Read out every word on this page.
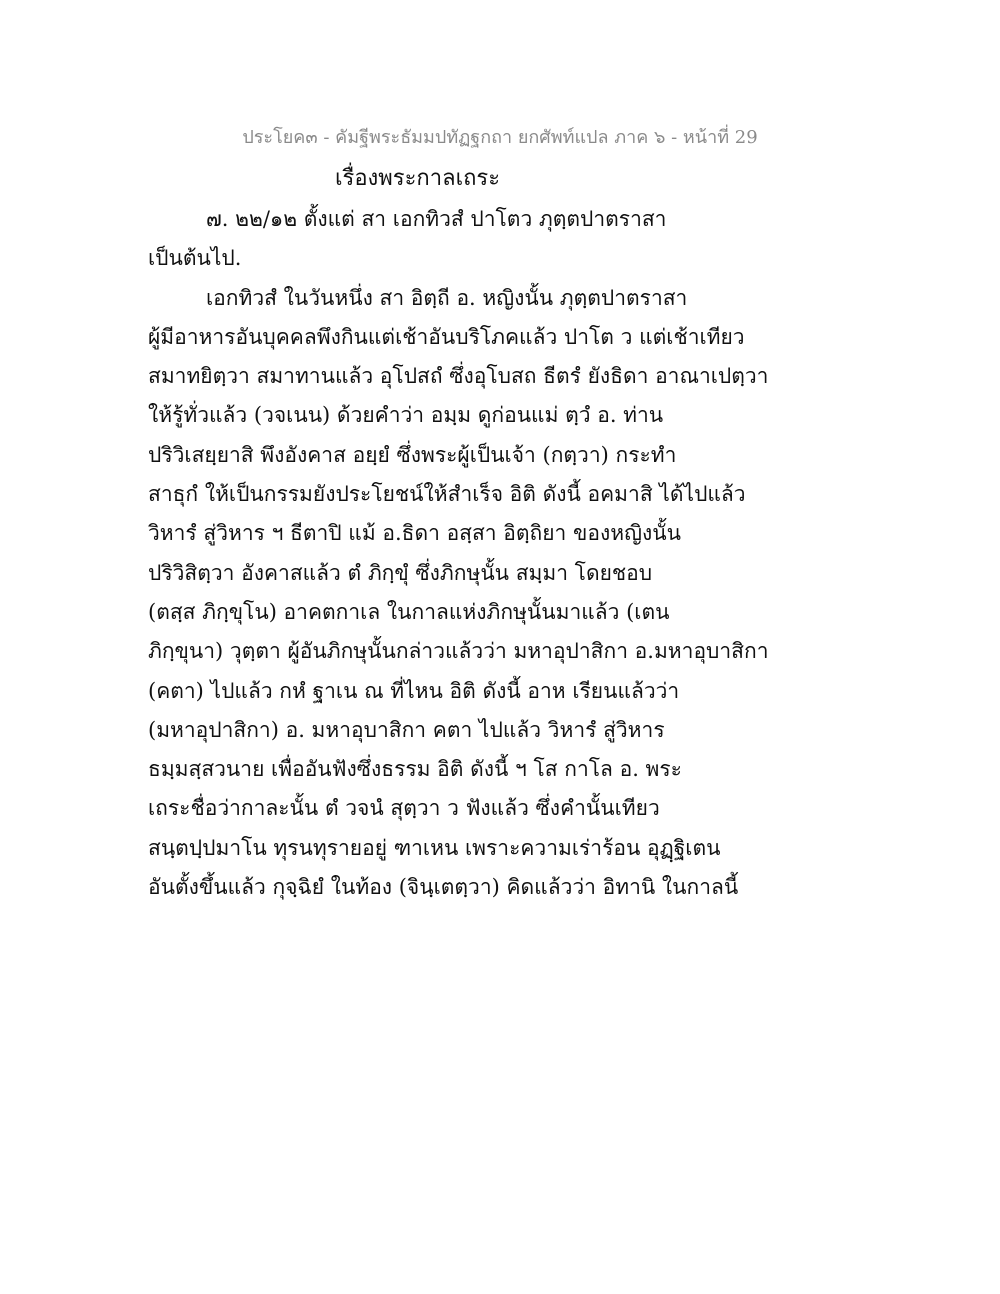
ประโยค๓ - คัมฐีพระธัมมปทัฏฐกถา ยกศัพท์แปล ภาค ๖ - หน้าที่ 29
เรื่องพระกาลเถระ
๗. ๒๒/๑๒ ตั้งแต่ สา เอกทิวสํ ปาโตว ภุตฺตปาตราสา
เป็นต้นไป.
เอกทิวสํ ในวันหนึ่ง สา อิตฺถี อ. หญิงนั้น ภุตฺตปาตราสา
ผู้มีอาหารอันบุคคลพึงกินแต่เช้าอันบริโภคแล้ว ปาโต ว แต่เช้าเทียว
สมาทยิตฺวา สมาทานแล้ว อุโปสถํ ซึ่งอุโบสถ ธีตรํ ยังธิดา อาณาเปตฺวา
ให้รู้ทั่วแล้ว (วจเนน) ด้วยคำว่า อมฺม ดูก่อนแม่ ตฺวํ อ. ท่าน
ปริวิเสยฺยาสิ พึงอังคาส อยฺยํ ซึ่งพระผู้เป็นเจ้า (กตฺวา) กระทำ
สาธุกํ ให้เป็นกรรมยังประโยชน์ให้สำเร็จ อิติ ดังนี้ อคมาสิ ได้ไปแล้ว
วิหารํ สู่วิหาร ฯ ธีตาปิ แม้ อ.ธิดา อสฺสา อิตฺถิยา ของหญิงนั้น
ปริวิสิตฺวา อังคาสแล้ว ตํ ภิกฺขุํ ซึ่งภิกษุนั้น สมฺมา โดยชอบ
(ตสฺส ภิกฺขุโน) อาคตกาเล ในกาลแห่งภิกษุนั้นมาแล้ว (เตน
ภิกฺขุนา) วุตฺตา ผู้อันภิกษุนั้นกล่าวแล้วว่า มหาอุปาสิกา อ.มหาอุบาสิกา
(คตา) ไปแล้ว กหํ ฐาเน ณ ที่ไหน อิติ ดังนี้ อาห เรียนแล้วว่า
(มหาอุปาสิกา) อ. มหาอุบาสิกา คตา ไปแล้ว วิหารํ สู่วิหาร
ธมฺมสฺสวนาย เพื่ออันฟังซึ่งธรรม อิติ ดังนี้ ฯ โส กาโล อ. พระ
เถระชื่อว่ากาละนั้น ตํ วจนํ สุตฺวา ว ฟังแล้ว ซึ่งคำนั้นเทียว
สนฺตปฺปมาโน ทุรนทุรายอยู่ ฑาเหน เพราะความเร่าร้อน อุฏฺฐิเตน
อันตั้งขึ้นแล้ว กุจฺฉิยํ ในท้อง (จินฺเตตฺวา) คิดแล้วว่า อิทานิ ในกาลนี้
